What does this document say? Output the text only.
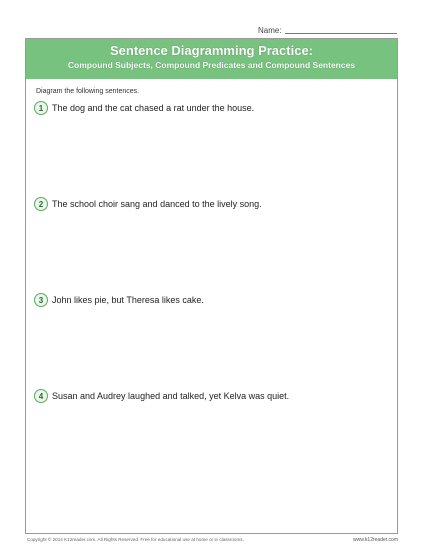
Name:
Sentence Diagramming Practice:
Compound Subjects, Compound Predicates and Compound Sentences
Diagram the following sentences.
1 The dog and the cat chased a rat under the house.
2 The school choir sang and danced to the lively song.
3 John likes pie, but Theresa likes cake.
4 Susan and Audrey laughed and talked, yet Kelva was quiet.
Copyright © 2014 K12reader.com. All Rights Reserved. Free for educational use at home or in classrooms.	www.k12reader.com
